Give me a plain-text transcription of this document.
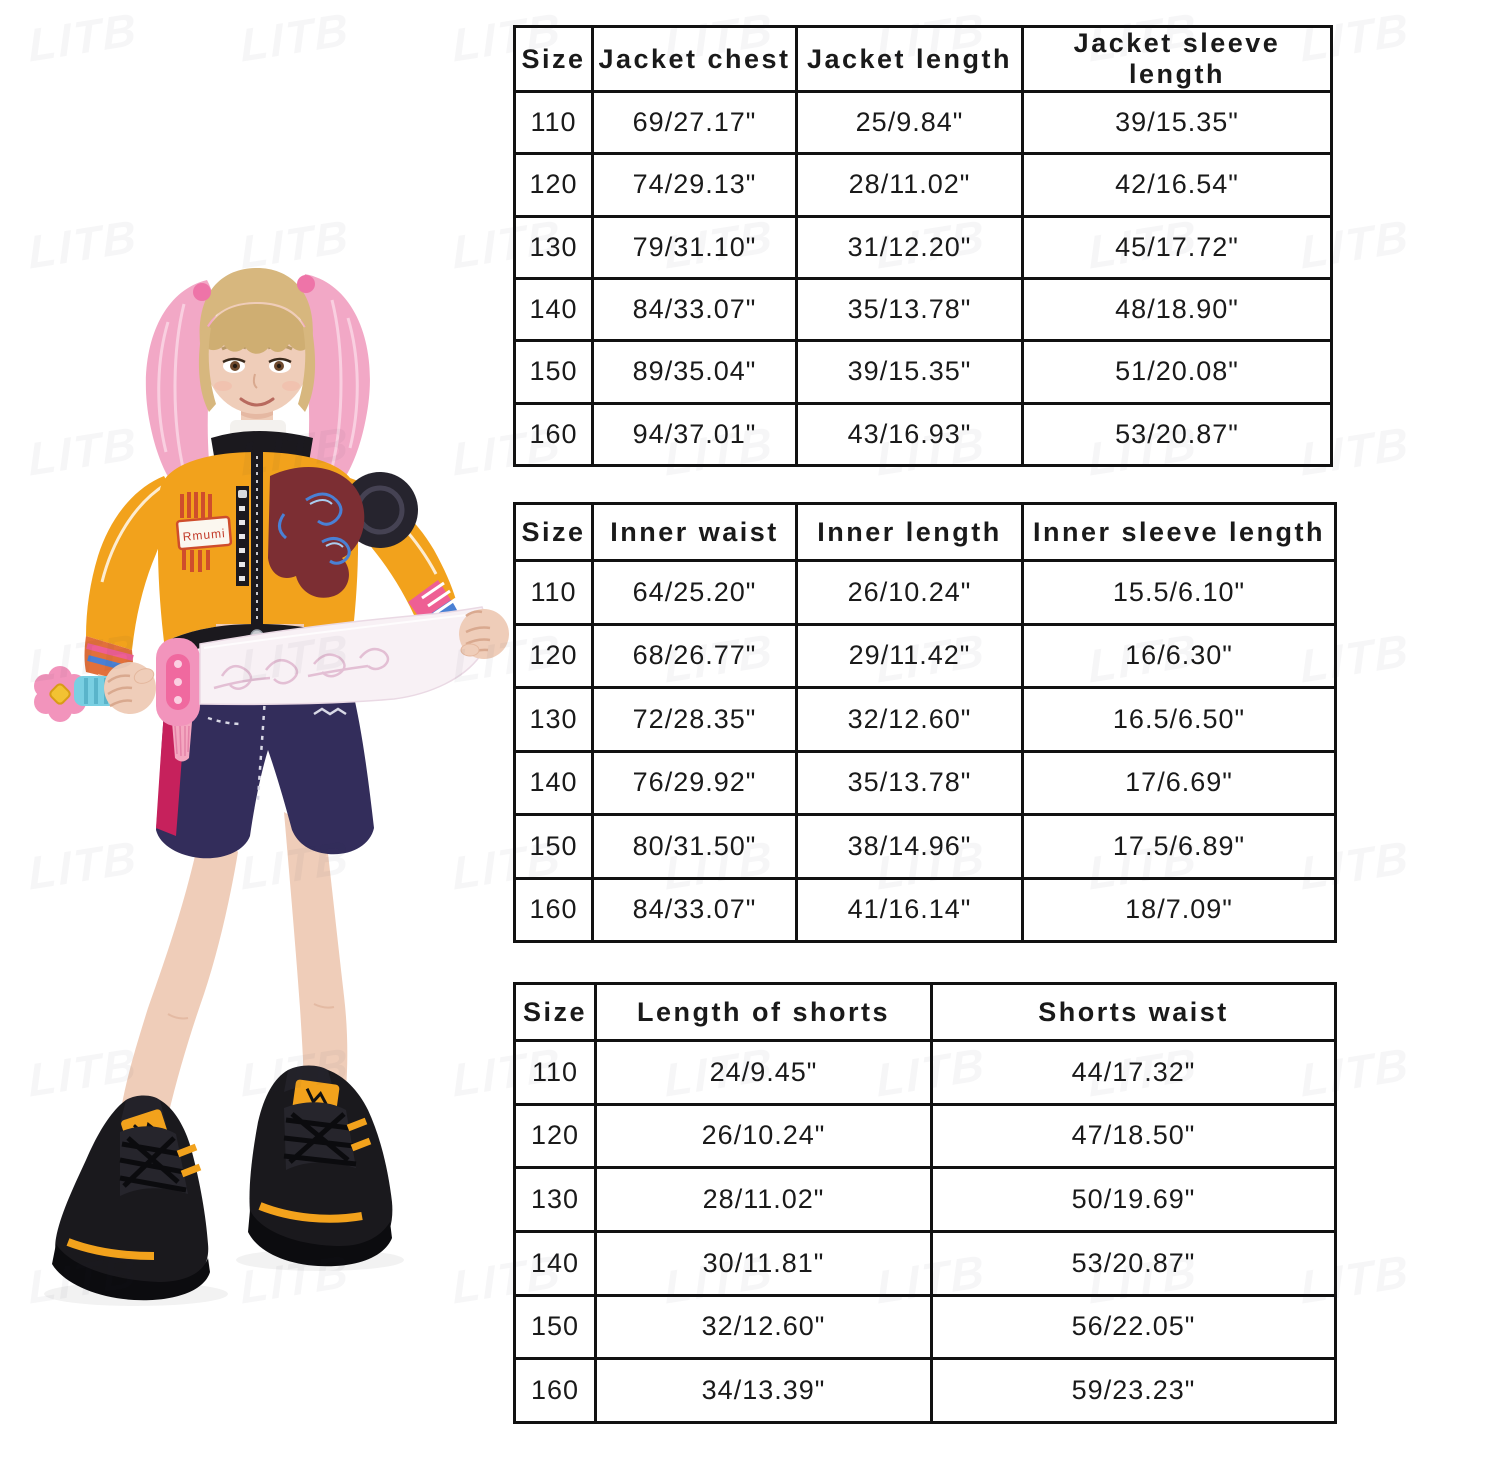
Rmumi
Size	Jacket chest	Jacket length	Jacket sleeve length
110	69/27.17"	25/9.84"	39/15.35"
120	74/29.13"	28/11.02"	42/16.54"
130	79/31.10"	31/12.20"	45/17.72"
140	84/33.07"	35/13.78"	48/18.90"
150	89/35.04"	39/15.35"	51/20.08"
160	94/37.01"	43/16.93"	53/20.87"
Size	Inner waist	Inner length	Inner sleeve length
110	64/25.20"	26/10.24"	15.5/6.10"
120	68/26.77"	29/11.42"	16/6.30"
130	72/28.35"	32/12.60"	16.5/6.50"
140	76/29.92"	35/13.78"	17/6.69"
150	80/31.50"	38/14.96"	17.5/6.89"
160	84/33.07"	41/16.14"	18/7.09"
Size	Length of shorts	Shorts waist
110	24/9.45"	44/17.32"
120	26/10.24"	47/18.50"
130	28/11.02"	50/19.69"
140	30/11.81"	53/20.87"
150	32/12.60"	56/22.05"
160	34/13.39"	59/23.23"
